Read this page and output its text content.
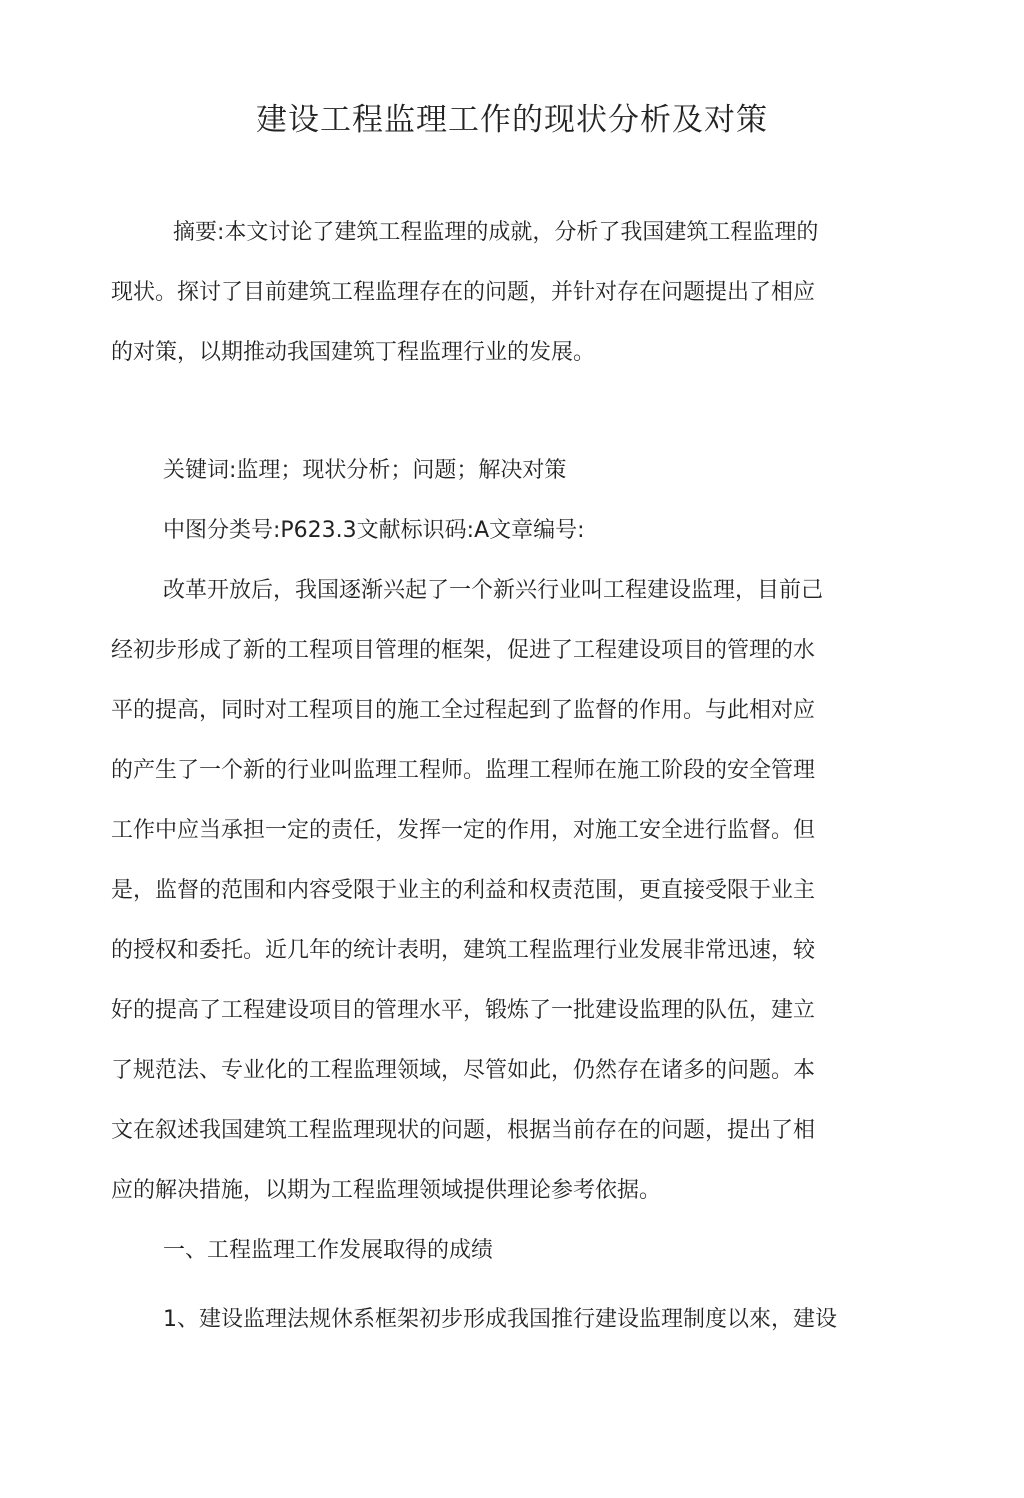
建设工程监理工作的现状分析及对策

摘要:本文讨论了建筑工程监理的成就，分析了我国建筑工程监理的

现状。探讨了目前建筑工程监理存在的问题，并针对存在问题提出了相应

的对策，以期推动我国建筑丁程监理行业的发展。

关键词:监理；现状分析；问题；解决对策

中图分类号:P623.3文献标识码:A文章编号:

改革开放后，我国逐渐兴起了一个新兴行业叫工程建设监理，目前己

经初步形成了新的工程项目管理的框架，促进了工程建设项目的管理的水

平的提高，同时对工程项目的施工全过程起到了监督的作用。与此相对应

的产生了一个新的行业叫监理工程师。监理工程师在施工阶段的安全管理

工作中应当承担一定的责任，发挥一定的作用，对施工安全进行监督。但

是，监督的范围和内容受限于业主的利益和权责范围，更直接受限于业主

的授权和委托。近几年的统计表明，建筑工程监理行业发展非常迅速，较

好的提高了工程建设项目的管理水平，锻炼了一批建设监理的队伍，建立

了规范法、专业化的工程监理领域，尽管如此，仍然存在诸多的问题。本

文在叙述我国建筑工程监理现状的问题，根据当前存在的问题，提出了相

应的解决措施，以期为工程监理领域提供理论参考依据。

一、工程监理工作发展取得的成绩

1、建设监理法规休系框架初步形成我国推行建设监理制度以來，建设
